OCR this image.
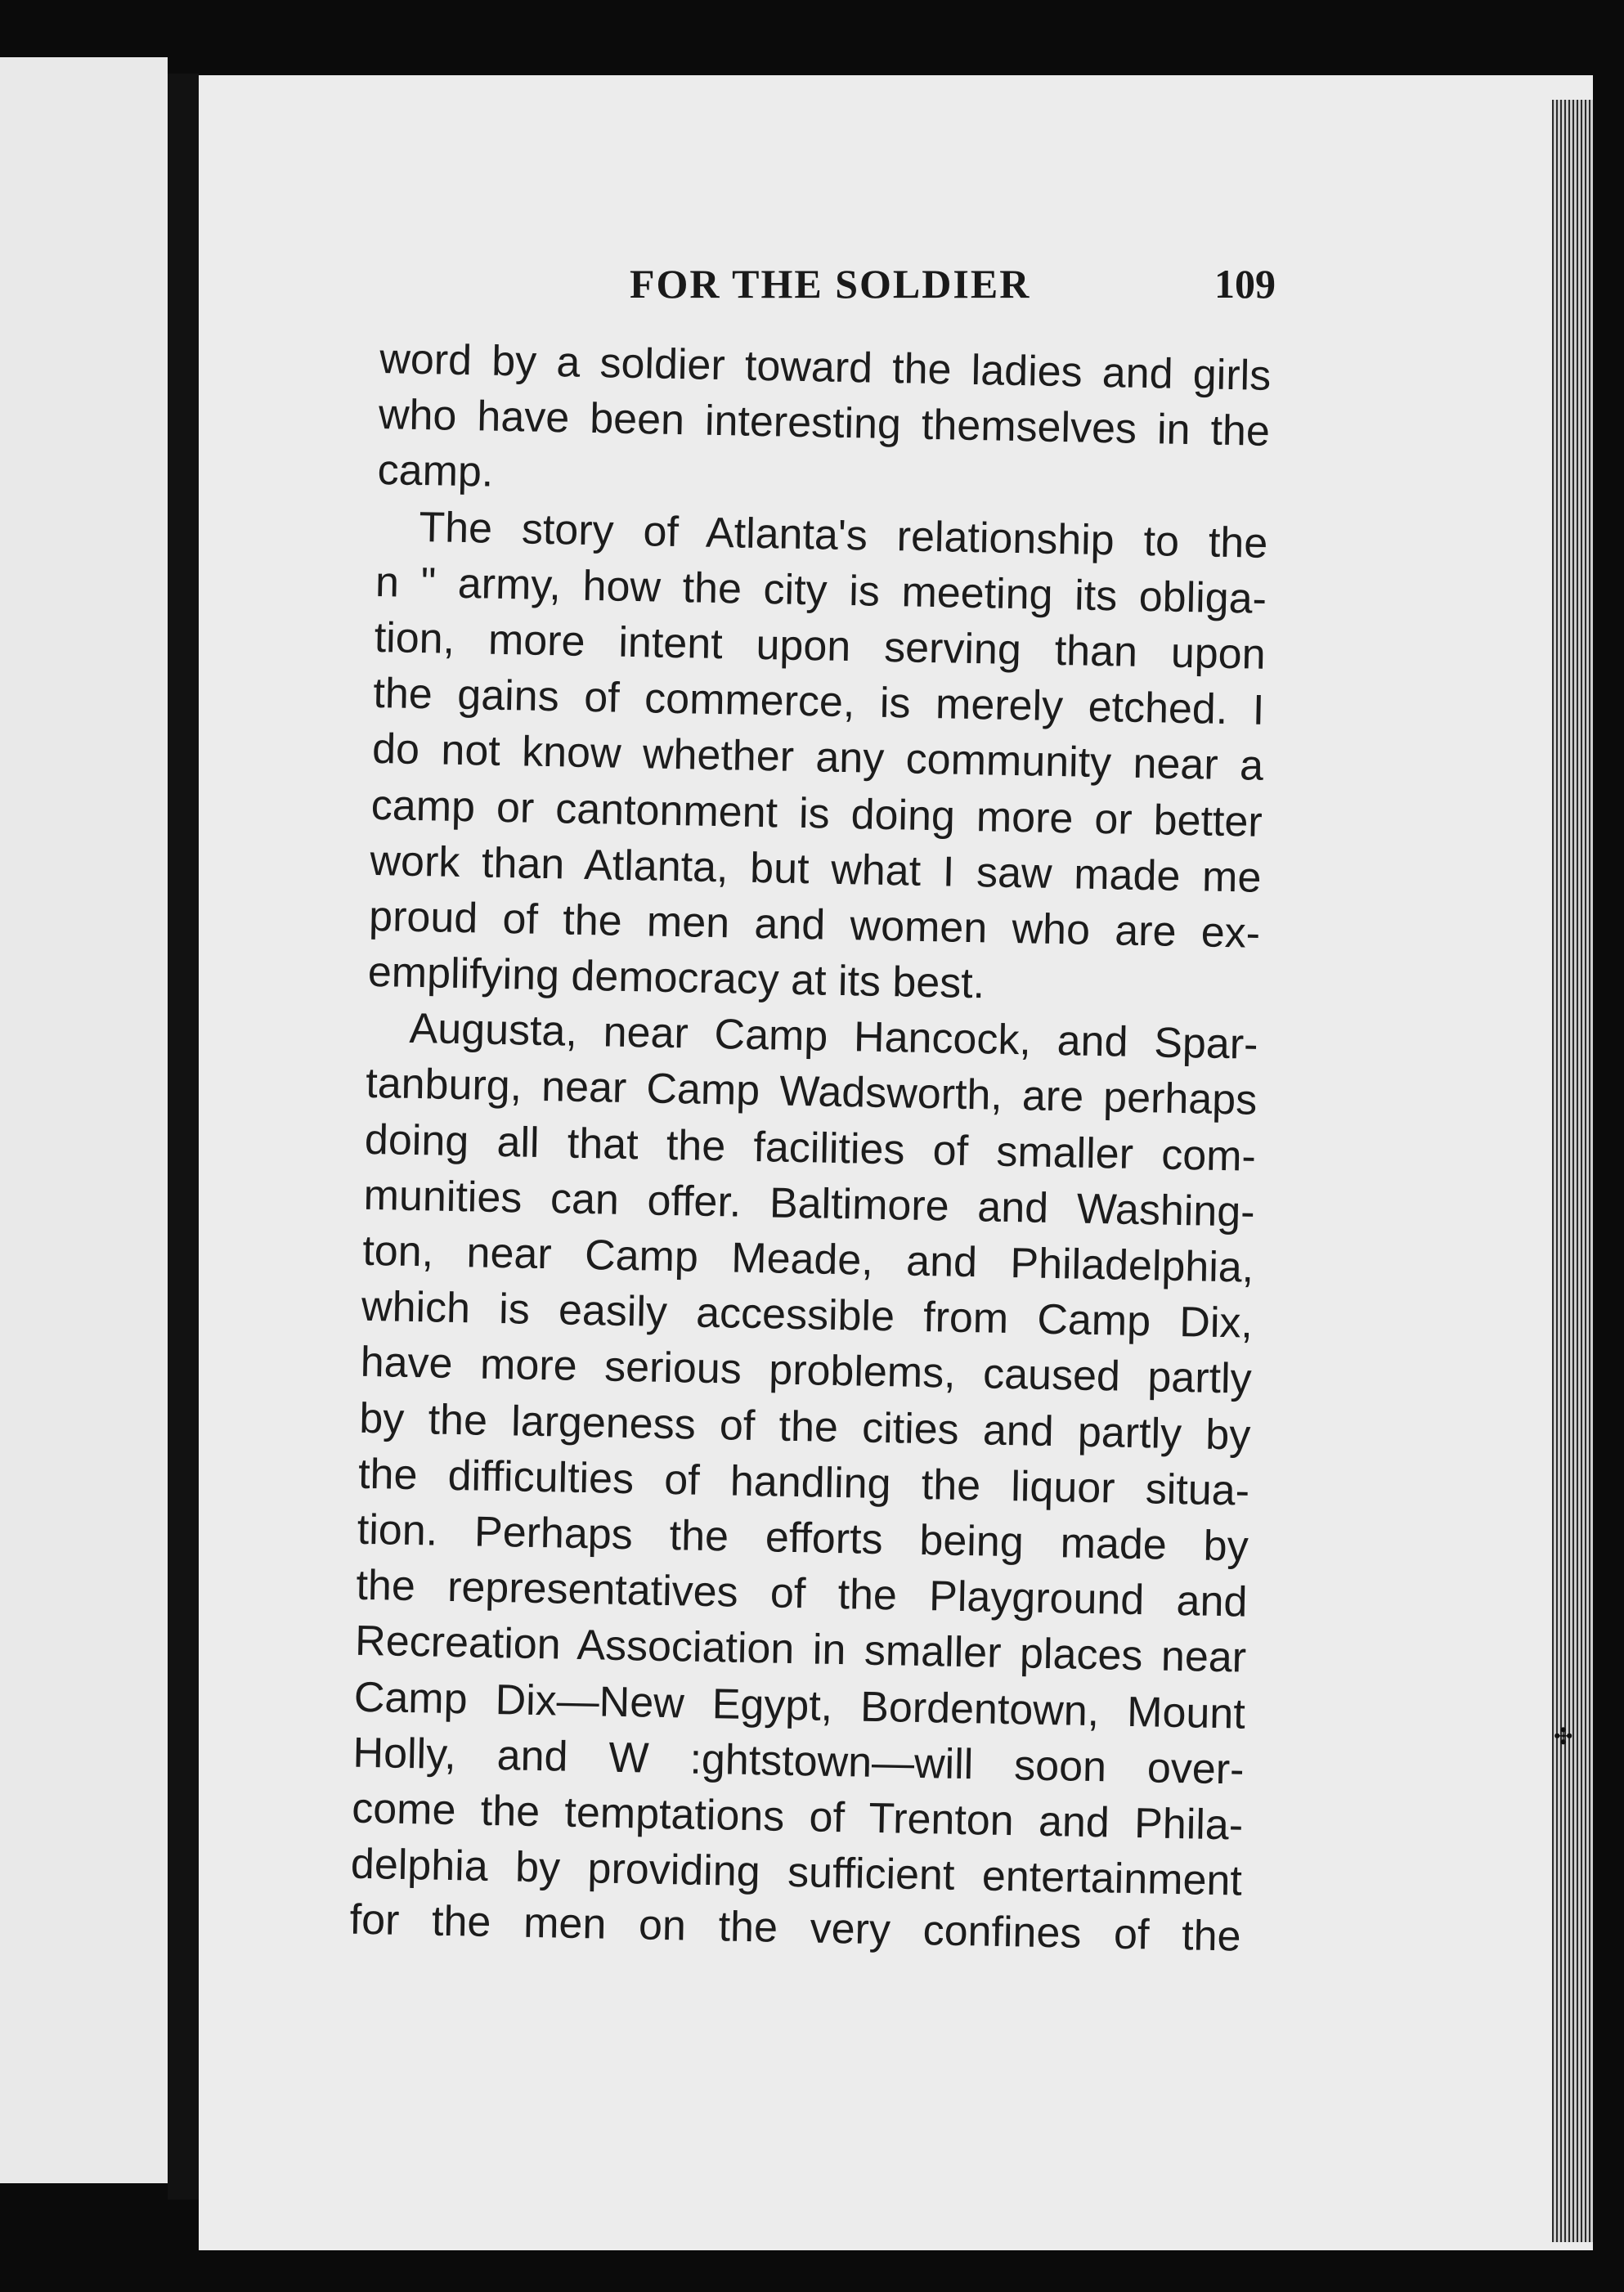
✣
FOR THE SOLDIER	109
word by a soldier toward the ladies and girls
who have been interesting themselves in the
camp.
The story of Atlanta's relationship to the
n " army, how the city is meeting its obliga-
tion, more intent upon serving than upon
the gains of commerce, is merely etched. I
do not know whether any community near a
camp or cantonment is doing more or better
work than Atlanta, but what I saw made me
proud of the men and women who are ex-
emplifying democracy at its best.
Augusta, near Camp Hancock, and Spar-
tanburg, near Camp Wadsworth, are perhaps
doing all that the facilities of smaller com-
munities can offer. Baltimore and Washing-
ton, near Camp Meade, and Philadelphia,
which is easily accessible from Camp Dix,
have more serious problems, caused partly
by the largeness of the cities and partly by
the difficulties of handling the liquor situa-
tion. Perhaps the efforts being made by
the representatives of the Playground and
Recreation Association in smaller places near
Camp Dix—New Egypt, Bordentown, Mount
Holly, and W :ghtstown—will soon over-
come the temptations of Trenton and Phila-
delphia by providing sufficient entertainment
for the men on the very confines of the
